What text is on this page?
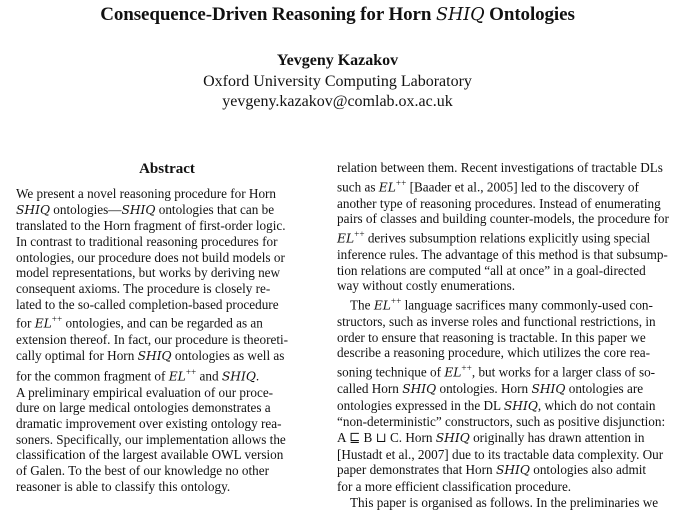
Consequence-Driven Reasoning for Horn SHIQ Ontologies
Yevgeny Kazakov
Oxford University Computing Laboratory
yevgeny.kazakov@comlab.ox.ac.uk
Abstract
We present a novel reasoning procedure for Horn
SHIQ ontologies—SHIQ ontologies that can be
translated to the Horn fragment of first-order logic.
In contrast to traditional reasoning procedures for
ontologies, our procedure does not build models or
model representations, but works by deriving new
consequent axioms. The procedure is closely re-
lated to the so-called completion-based procedure
for EL++ ontologies, and can be regarded as an
extension thereof. In fact, our procedure is theoreti-
cally optimal for Horn SHIQ ontologies as well as
for the common fragment of EL++ and SHIQ.
A preliminary empirical evaluation of our proce-
dure on large medical ontologies demonstrates a
dramatic improvement over existing ontology rea-
soners. Specifically, our implementation allows the
classification of the largest available OWL version
of Galen. To the best of our knowledge no other
reasoner is able to classify this ontology.
relation between them. Recent investigations of tractable DLs
such as EL++ [Baader et al., 2005] led to the discovery of
another type of reasoning procedures. Instead of enumerating
pairs of classes and building counter-models, the procedure for
EL++ derives subsumption relations explicitly using special
inference rules. The advantage of this method is that subsump-
tion relations are computed “all at once” in a goal-directed
way without costly enumerations.
The EL++ language sacrifices many commonly-used con-
structors, such as inverse roles and functional restrictions, in
order to ensure that reasoning is tractable. In this paper we
describe a reasoning procedure, which utilizes the core rea-
soning technique of EL++, but works for a larger class of so-
called Horn SHIQ ontologies. Horn SHIQ ontologies are
ontologies expressed in the DL SHIQ, which do not contain
“non-deterministic” constructors, such as positive disjunction:
A ⊑ B ⊔ C. Horn SHIQ originally has drawn attention in
[Hustadt et al., 2007] due to its tractable data complexity. Our
paper demonstrates that Horn SHIQ ontologies also admit
for a more efficient classification procedure.
This paper is organised as follows. In the preliminaries we
